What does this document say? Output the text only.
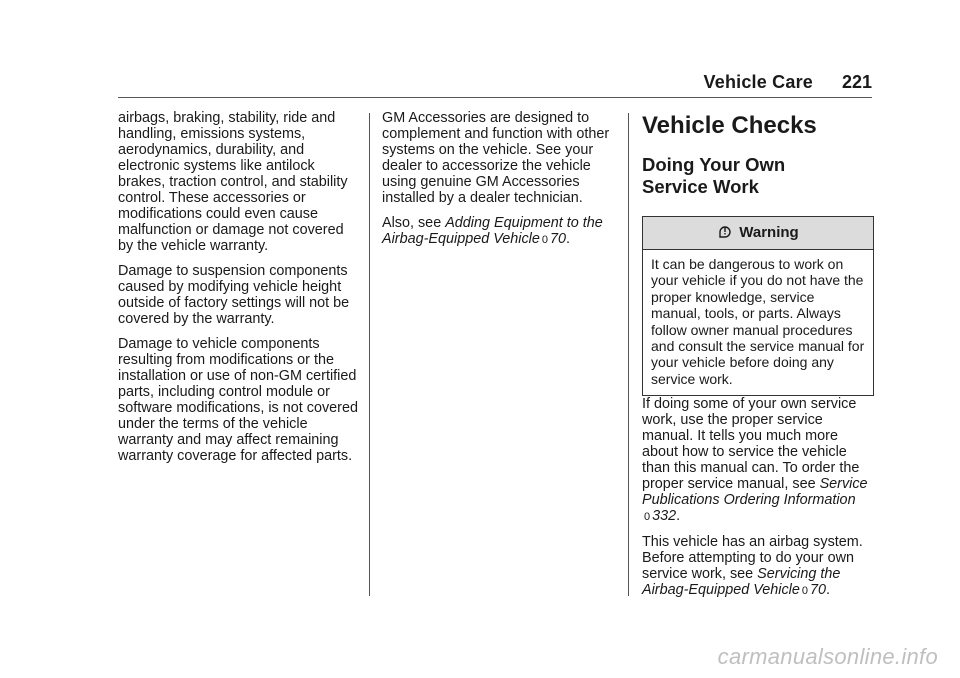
Vehicle Care 221

airbags, braking, stability, ride and handling, emissions systems, aerodynamics, durability, and electronic systems like antilock brakes, traction control, and stability control. These accessories or modifications could even cause malfunction or damage not covered by the vehicle warranty.

Damage to suspension components caused by modifying vehicle height outside of factory settings will not be covered by the warranty.

Damage to vehicle components resulting from modifications or the installation or use of non-GM certified parts, including control module or software modifications, is not covered under the terms of the vehicle warranty and may affect remaining warranty coverage for affected parts.

GM Accessories are designed to complement and function with other systems on the vehicle. See your dealer to accessorize the vehicle using genuine GM Accessories installed by a dealer technician.

Also, see Adding Equipment to the Airbag-Equipped Vehicle 0 70.

Vehicle Checks
Doing Your Own
Service Work
Warning
It can be dangerous to work on your vehicle if you do not have the proper knowledge, service manual, tools, or parts. Always follow owner manual procedures and consult the service manual for your vehicle before doing any service work.

If doing some of your own service work, use the proper service manual. It tells you much more about how to service the vehicle than this manual can. To order the proper service manual, see Service Publications Ordering Information
0 332.

This vehicle has an airbag system. Before attempting to do your own service work, see Servicing the Airbag-Equipped Vehicle 0 70.

carmanualsonline.info
